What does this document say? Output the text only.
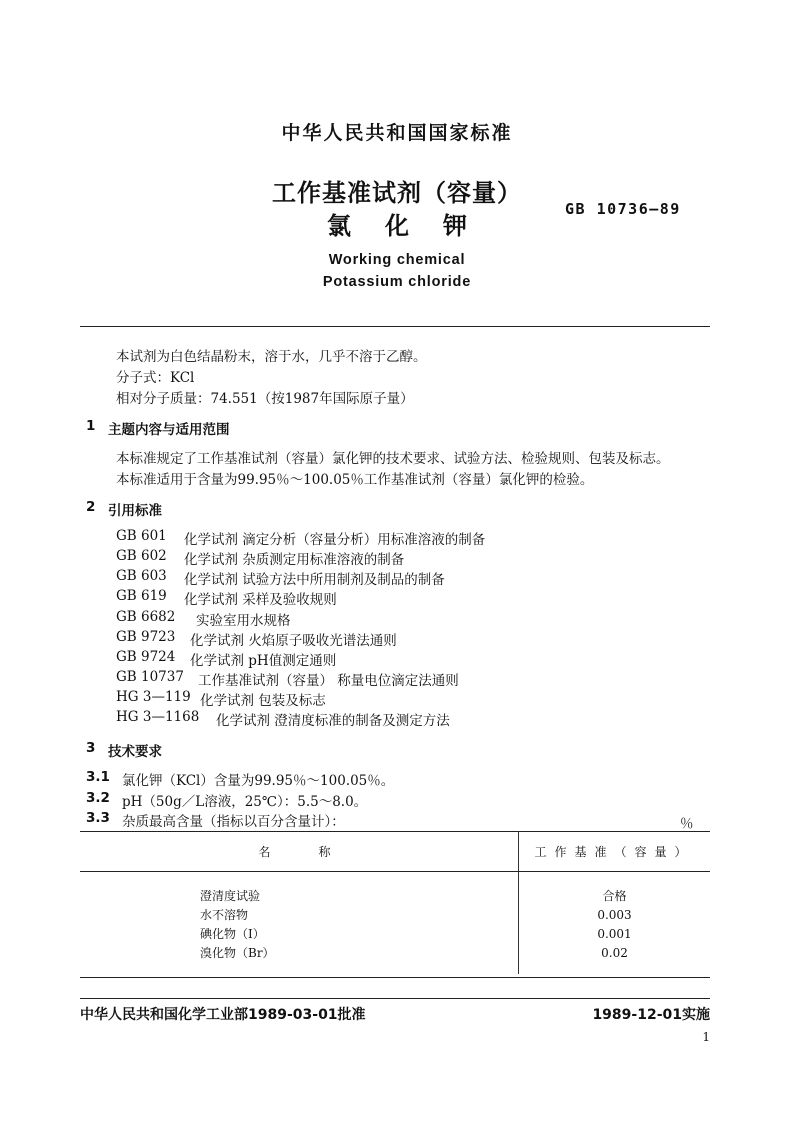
中华人民共和国国家标准
工作基准试剂（容量）
氯化钾
GB 10736—89
Working chemical
Potassium chloride
本试剂为白色结晶粉末，溶于水，几乎不溶于乙醇。
分子式：KCl
相对分子质量：74.551（按1987年国际原子量）
1 主题内容与适用范围
本标准规定了工作基准试剂（容量）氯化钾的技术要求、试验方法、检验规则、包装及标志。
本标准适用于含量为99.95％～100.05％工作基准试剂（容量）氯化钾的检验。
2 引用标准
GB 601 化学试剂 滴定分析（容量分析）用标准溶液的制备
GB 602 化学试剂 杂质测定用标准溶液的制备
GB 603 化学试剂 试验方法中所用制剂及制品的制备
GB 619 化学试剂 采样及验收规则
GB 6682 实验室用水规格
GB 9723 化学试剂 火焰原子吸收光谱法通则
GB 9724 化学试剂 pH值测定通则
GB 10737 工作基准试剂（容量） 称量电位滴定法通则
HG 3—119 化学试剂 包装及标志
HG 3—1168 化学试剂 澄清度标准的制备及测定方法
3 技术要求
3.1 氯化钾（KCl）含量为99.95％～100.05％。
3.2 pH（50g／L溶液，25℃）：5.5～8.0。
3.3 杂质最高含量（指标以百分含量计）：	％
名　　称	工作基准（容量）

澄清度试验	合格
水不溶物	0.003
碘化物（I）	0.001
溴化物（Br）	0.02

中华人民共和国化学工业部1989-03-01批准	1989-12-01实施
1
